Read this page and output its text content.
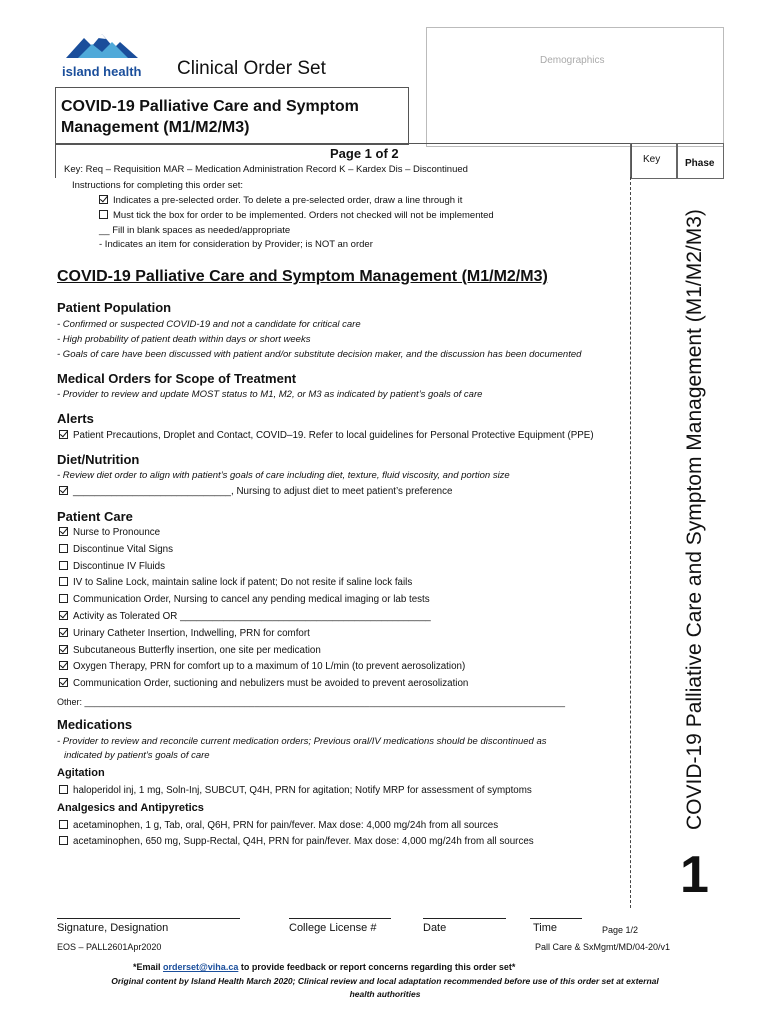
island health Clinical Order Set	Demographics
COVID-19 Palliative Care and Symptom
Management (M1/M2/M3)
Page 1 of 2
Key: Req – Requisition MAR – Medication Administration Record K – Kardex Dis – Discontinued
Key Phase
Instructions for completing this order set:
Indicates a pre-selected order. To delete a pre-selected order, draw a line through it
Must tick the box for order to be implemented. Orders not checked will not be implemented
__ Fill in blank spaces as needed/appropriate
- Indicates an item for consideration by Provider; is NOT an order
COVID-19 Palliative Care and Symptom Management (M1/M2/M3)
Patient Population
- Confirmed or suspected COVID-19 and not a candidate for critical care
- High probability of patient death within days or short weeks
- Goals of care have been discussed with patient and/or substitute decision maker, and the discussion has been documented
Medical Orders for Scope of Treatment
- Provider to review and update MOST status to M1, M2, or M3 as indicated by patient’s goals of care
Alerts
Patient Precautions, Droplet and Contact, COVID–19. Refer to local guidelines for Personal Protective Equipment (PPE)
Diet/Nutrition
- Review diet order to align with patient’s goals of care including diet, texture, fluid viscosity, and portion size
_____________________________, Nursing to adjust diet to meet patient’s preference
Patient Care
Nurse to Pronounce
Discontinue Vital Signs
Discontinue IV Fluids
IV to Saline Lock, maintain saline lock if patent; Do not resite if saline lock fails
Communication Order, Nursing to cancel any pending medical imaging or lab tests
Activity as Tolerated OR ______________________________________________
Urinary Catheter Insertion, Indwelling, PRN for comfort
Subcutaneous Butterfly insertion, one site per medication
Oxygen Therapy, PRN for comfort up to a maximum of 10 L/min (to prevent aerosolization)
Communication Order, suctioning and nebulizers must be avoided to prevent aerosolization
Other: ________________________________________________________________________________________________
Medications
- Provider to review and reconcile current medication orders; Previous oral/IV medications should be discontinued as
indicated by patient’s goals of care
Agitation
haloperidol inj, 1 mg, Soln-Inj, SUBCUT, Q4H, PRN for agitation; Notify MRP for assessment of symptoms
Analgesics and Antipyretics
acetaminophen, 1 g, Tab, oral, Q6H, PRN for pain/fever. Max dose: 4,000 mg/24h from all sources
acetaminophen, 650 mg, Supp-Rectal, Q4H, PRN for pain/fever. Max dose: 4,000 mg/24h from all sources
COVID-19 Palliative Care and Symptom Management (M1/M2/M3)
1
Signature, Designation	College License #	Date	Time	Page 1/2
EOS – PALL2601Apr2020	Pall Care & SxMgmt/MD/04-20/v1
*Email orderset@viha.ca to provide feedback or report concerns regarding this order set*
Original content by Island Health March 2020; Clinical review and local adaptation recommended before use of this order set at external
health authorities
